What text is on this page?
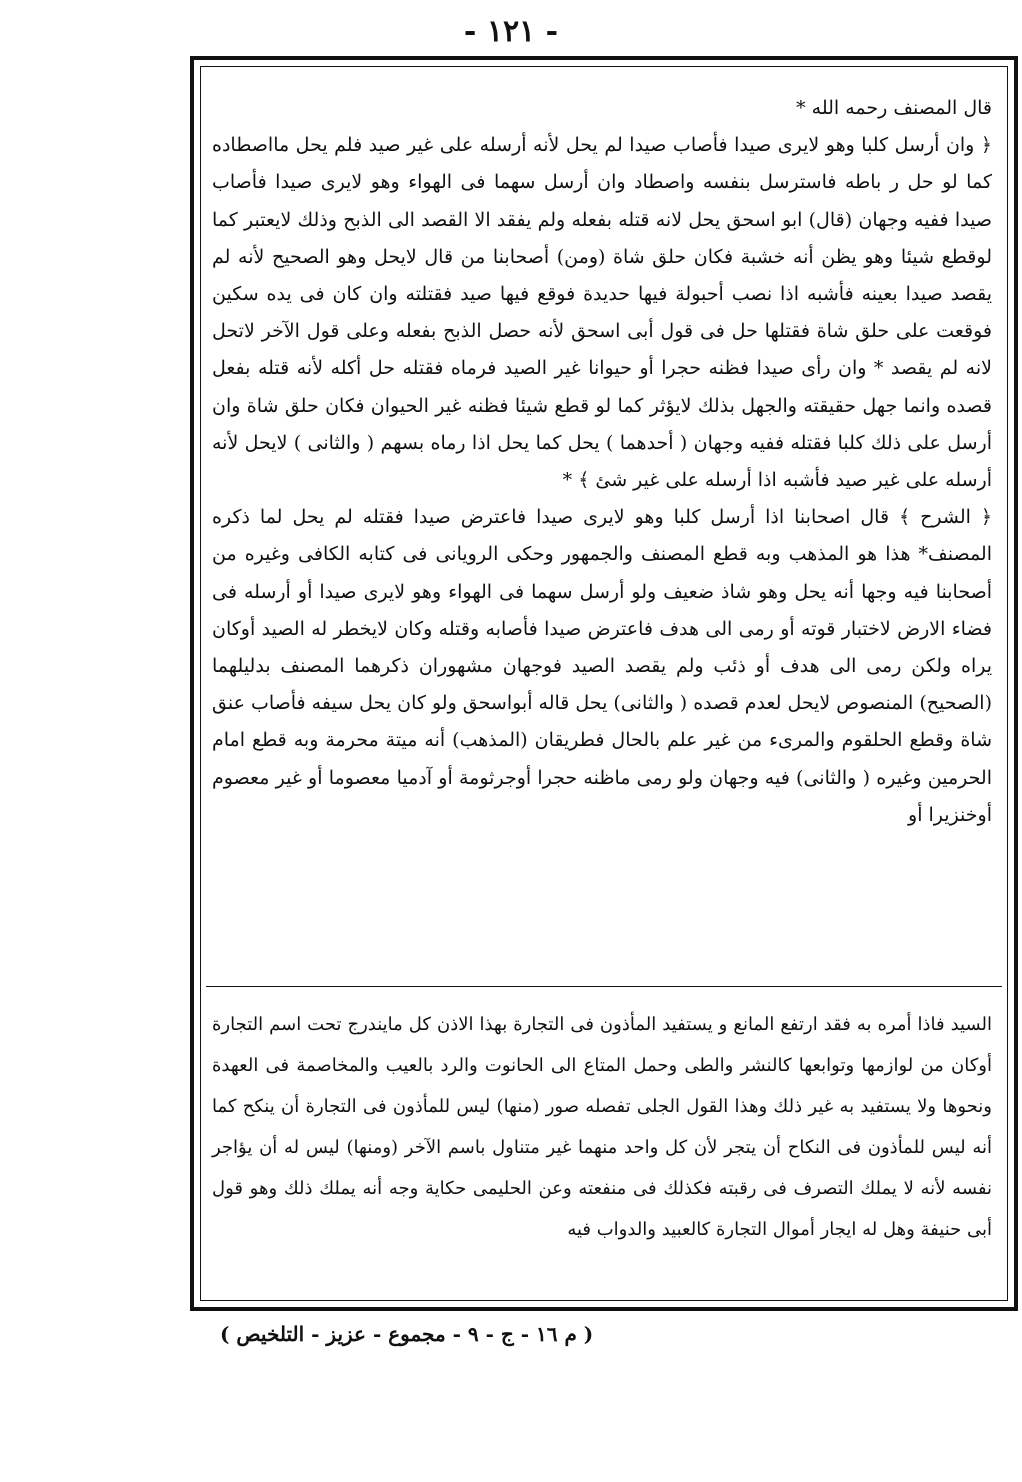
- ١٢١ -

قال المصنف رحمه الله *

﴿ وان أرسل كلبا وهو لايرى صيدا فأصاب صيدا لم يحل لأنه أرسله على غير صيد فلم يحل مااصطاده كما لو حل ر باطه فاسترسل بنفسه واصطاد وان أرسل سهما فى الهواء وهو لايرى صيدا فأصاب صيدا ففيه وجهان (قال) ابو اسحق يحل لانه قتله بفعله ولم يفقد الا القصد الى الذبح وذلك لايعتبر كما لوقطع شيئا وهو يظن أنه خشبة فكان حلق شاة (ومن) أصحابنا من قال لايحل وهو الصحيح لأنه لم يقصد صيدا بعينه فأشبه اذا نصب أحبولة فيها حديدة فوقع فيها صيد فقتلته وان كان فى يده سكين فوقعت على حلق شاة فقتلها حل فى قول أبى اسحق لأنه حصل الذبح بفعله وعلى قول الآخر لاتحل لانه لم يقصد * وان رأى صيدا فظنه حجرا أو حيوانا غير الصيد فرماه فقتله حل أكله لأنه قتله بفعل قصده وانما جهل حقيقته والجهل بذلك لايؤثر كما لو قطع شيئا فظنه غير الحيوان فكان حلق شاة وان أرسل على ذلك كلبا فقتله ففيه وجهان ( أحدهما ) يحل كما يحل اذا رماه بسهم ( والثانى ) لايحل لأنه أرسله على غير صيد فأشبه اذا أرسله على غير شئ ﴾ *

﴿ الشرح ﴾ قال اصحابنا اذا أرسل كلبا وهو لايرى صيدا فاعترض صيدا فقتله لم يحل لما ذكره المصنف* هذا هو المذهب وبه قطع المصنف والجمهور وحكى الرويانى فى كتابه الكافى وغيره من أصحابنا فيه وجها أنه يحل وهو شاذ ضعيف ولو أرسل سهما فى الهواء وهو لايرى صيدا أو أرسله فى فضاء الارض لاختبار قوته أو رمى الى هدف فاعترض صيدا فأصابه وقتله وكان لايخطر له الصيد أوكان يراه ولكن رمى الى هدف أو ذئب ولم يقصد الصيد فوجهان مشهوران ذكرهما المصنف بدليلهما (الصحيح) المنصوص لايحل لعدم قصده ( والثانى) يحل قاله أبواسحق ولو كان يحل سيفه فأصاب عنق شاة وقطع الحلقوم والمرىء من غير علم بالحال فطريقان (المذهب) أنه ميتة محرمة وبه قطع امام الحرمين وغيره ( والثانى) فيه وجهان ولو رمى ماظنه حجرا أوجرثومة أو آدميا معصوما أو غير معصوم أوخنزيرا أو

السيد فاذا أمره به فقد ارتفع المانع و يستفيد المأذون فى التجارة بهذا الاذن كل مايندرج تحت اسم التجارة أوكان من لوازمها وتوابعها كالنشر والطى وحمل المتاع الى الحانوت والرد بالعيب والمخاصمة فى العهدة ونحوها ولا يستفيد به غير ذلك وهذا القول الجلى تفصله صور (منها) ليس للمأذون فى التجارة أن ينكح كما أنه ليس للمأذون فى النكاح أن يتجر لأن كل واحد منهما غير متناول باسم الآخر (ومنها) ليس له أن يؤاجر نفسه لأنه لا يملك التصرف فى رقبته فكذلك فى منفعته وعن الحليمى حكاية وجه أنه يملك ذلك وهو قول أبى حنيفة وهل له ايجار أموال التجارة كالعبيد والدواب فيه

( م ١٦ - ج - ٩ - مجموع - عزيز - التلخيص )
